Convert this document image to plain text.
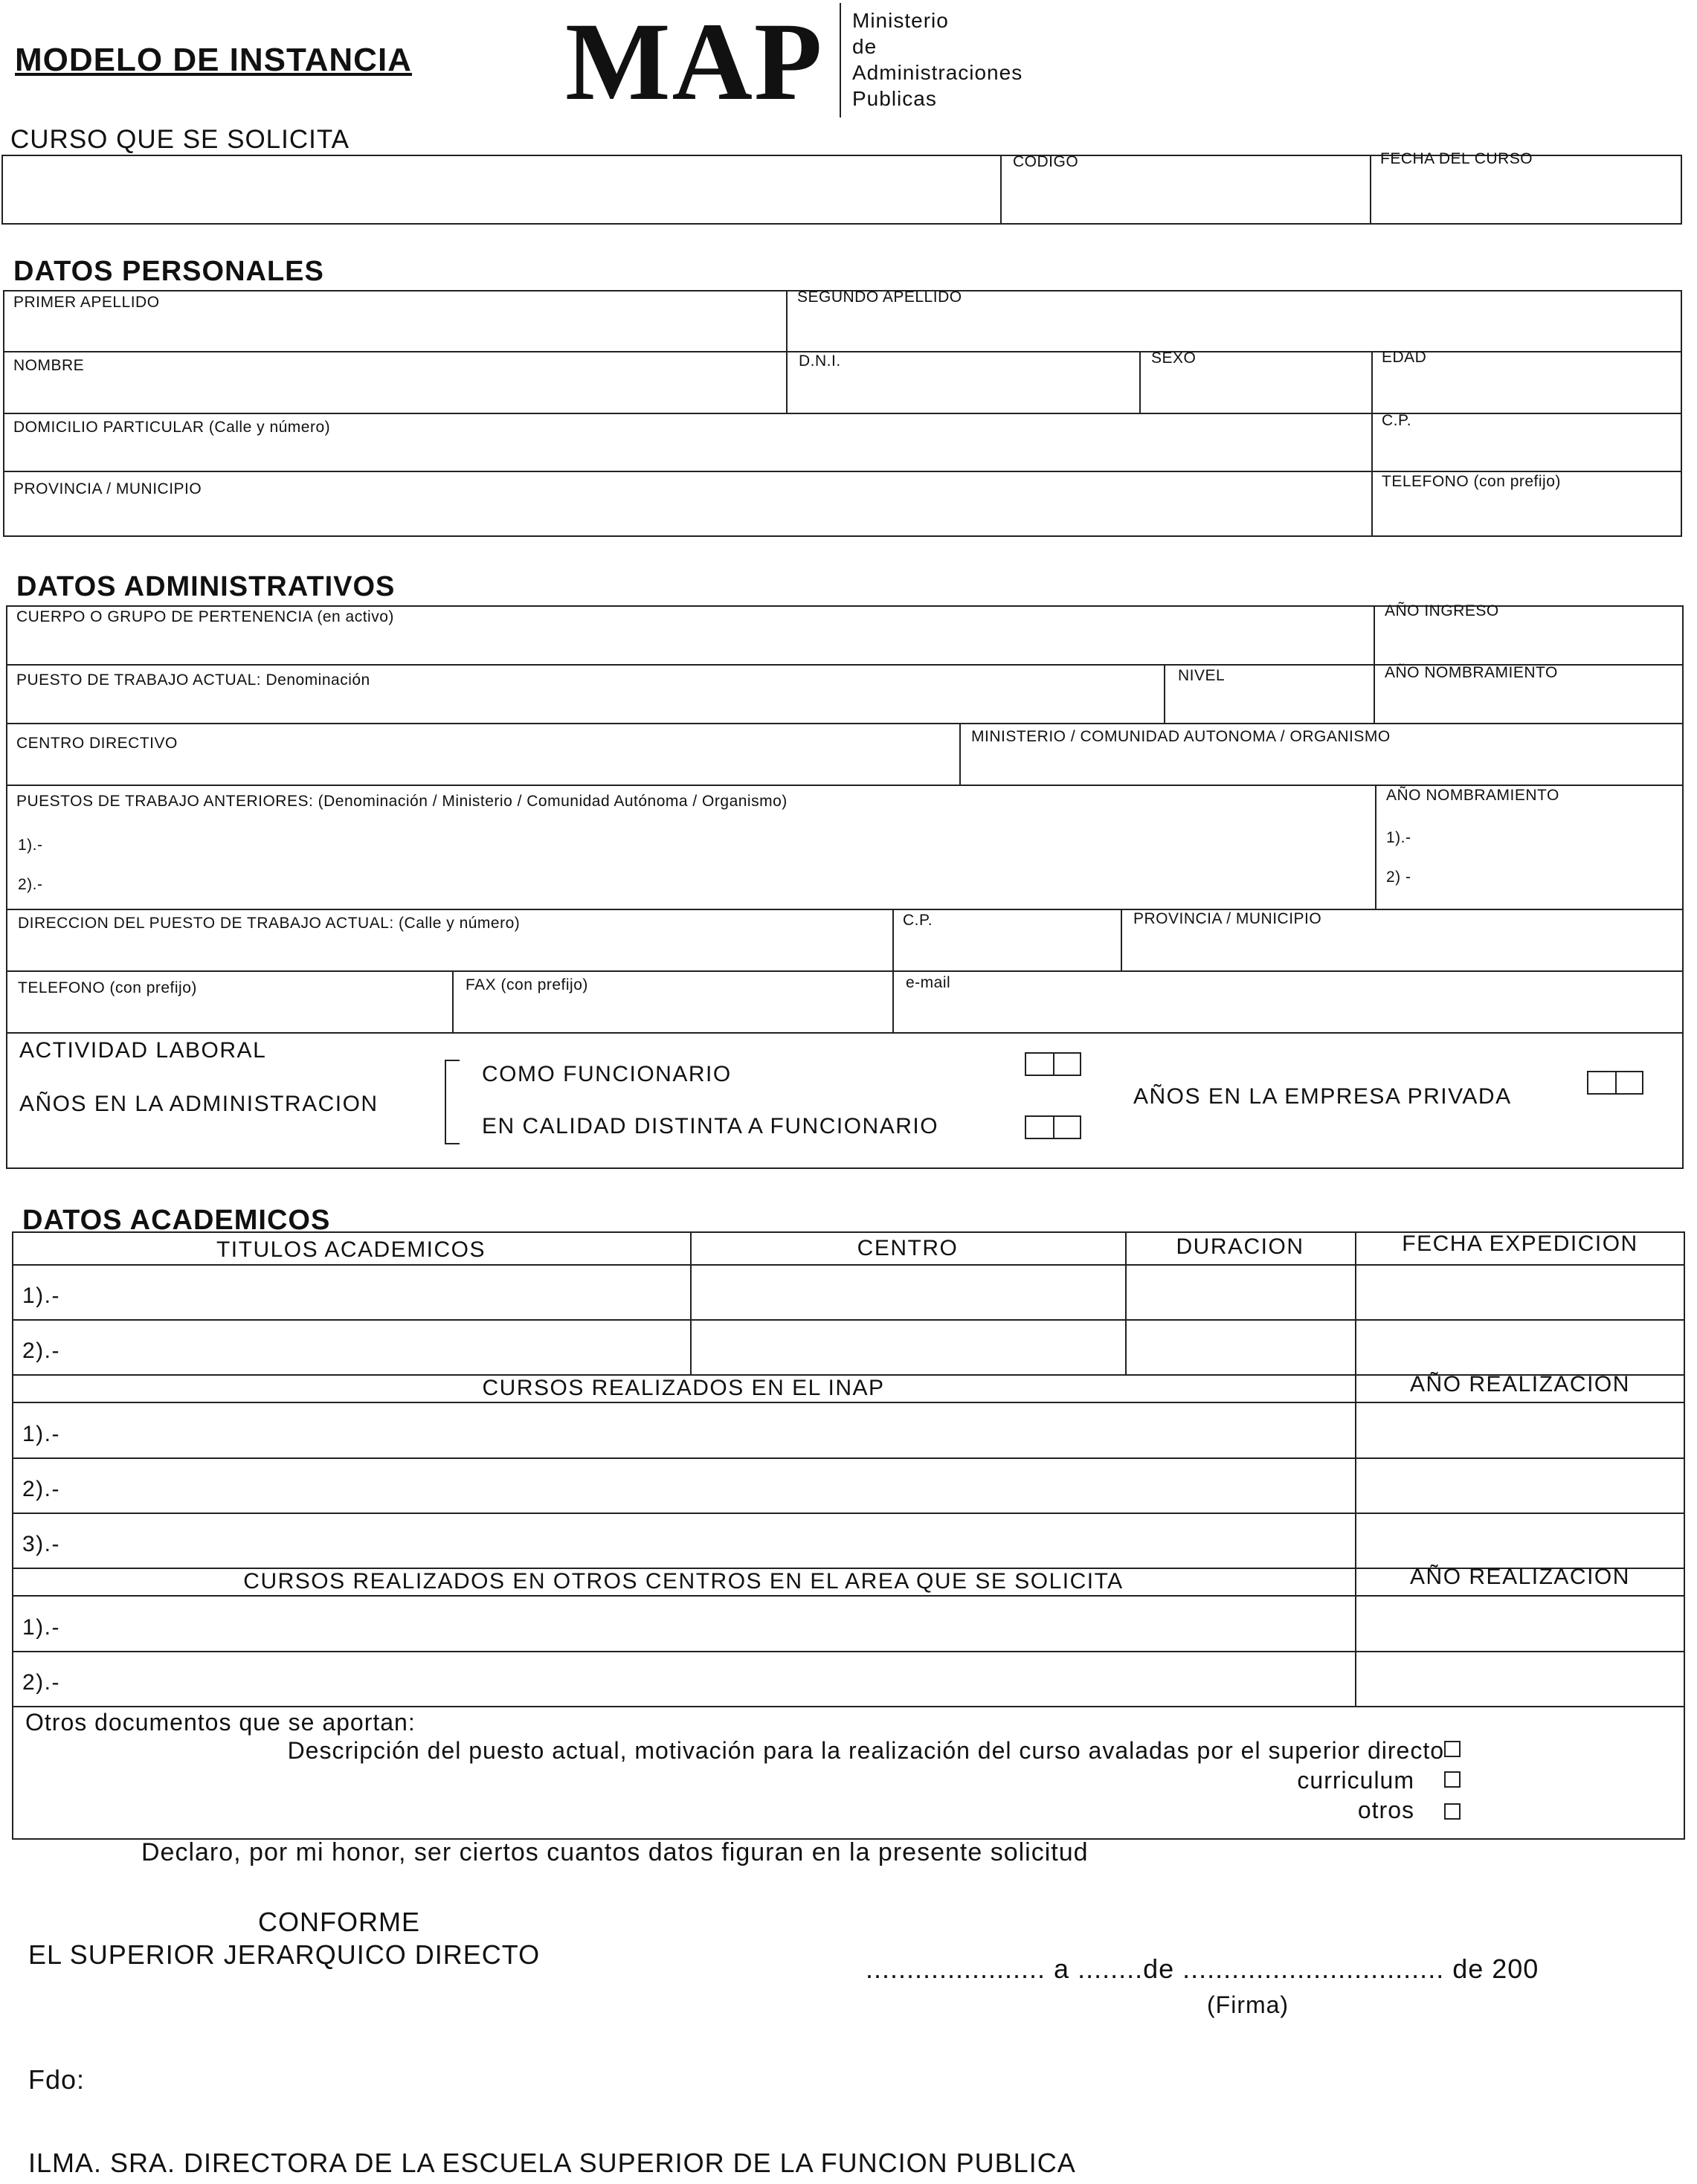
MODELO DE INSTANCIA MAP Ministerio
de
Administraciones
Publicas
CURSO QUE SE SOLICITA
CODIGO	FECHA DEL CURSO
DATOS PERSONALES
PRIMER APELLIDO	SEGUNDO APELLIDO
NOMBRE	D.N.I.	SEXO	EDAD
DOMICILIO PARTICULAR (Calle y número)	C.P.
PROVINCIA / MUNICIPIO	TELEFONO (con prefijo)
DATOS ADMINISTRATIVOS
CUERPO O GRUPO DE PERTENENCIA (en activo)	AÑO INGRESO
PUESTO DE TRABAJO ACTUAL: Denominación	NIVEL	AÑO NOMBRAMIENTO
CENTRO DIRECTIVO	MINISTERIO / COMUNIDAD AUTONOMA / ORGANISMO
PUESTOS DE TRABAJO ANTERIORES: (Denominación / Ministerio / Comunidad Autónoma / Organismo)
1).-
2).-
AÑO NOMBRAMIENTO
1).-
2) -
DIRECCION DEL PUESTO DE TRABAJO ACTUAL: (Calle y número)	C.P.	PROVINCIA / MUNICIPIO
TELEFONO (con prefijo)	FAX (con prefijo)	e-mail
ACTIVIDAD LABORAL
AÑOS EN LA ADMINISTRACION
COMO FUNCIONARIO
EN CALIDAD DISTINTA A FUNCIONARIO
AÑOS EN LA EMPRESA PRIVADA
DATOS ACADEMICOS
TITULOS ACADEMICOS	CENTRO	DURACION	FECHA EXPEDICION
1).-
2).-
CURSOS REALIZADOS EN EL INAP	AÑO REALIZACION
1).-
2).-
3).-
CURSOS REALIZADOS EN OTROS CENTROS EN EL AREA QUE SE SOLICITA	AÑO REALIZACION
1).-
2).-
Otros documentos que se aportan:
Descripción del puesto actual, motivación para la realización del curso avaladas por el superior directo
curriculum
otros
Declaro, por mi honor, ser ciertos cuantos datos figuran en la presente solicitud
CONFORME
EL SUPERIOR JERARQUICO DIRECTO	...................... a ........de ................................ de 200
(Firma)
Fdo:
ILMA. SRA. DIRECTORA DE LA ESCUELA SUPERIOR DE LA FUNCION PUBLICA
